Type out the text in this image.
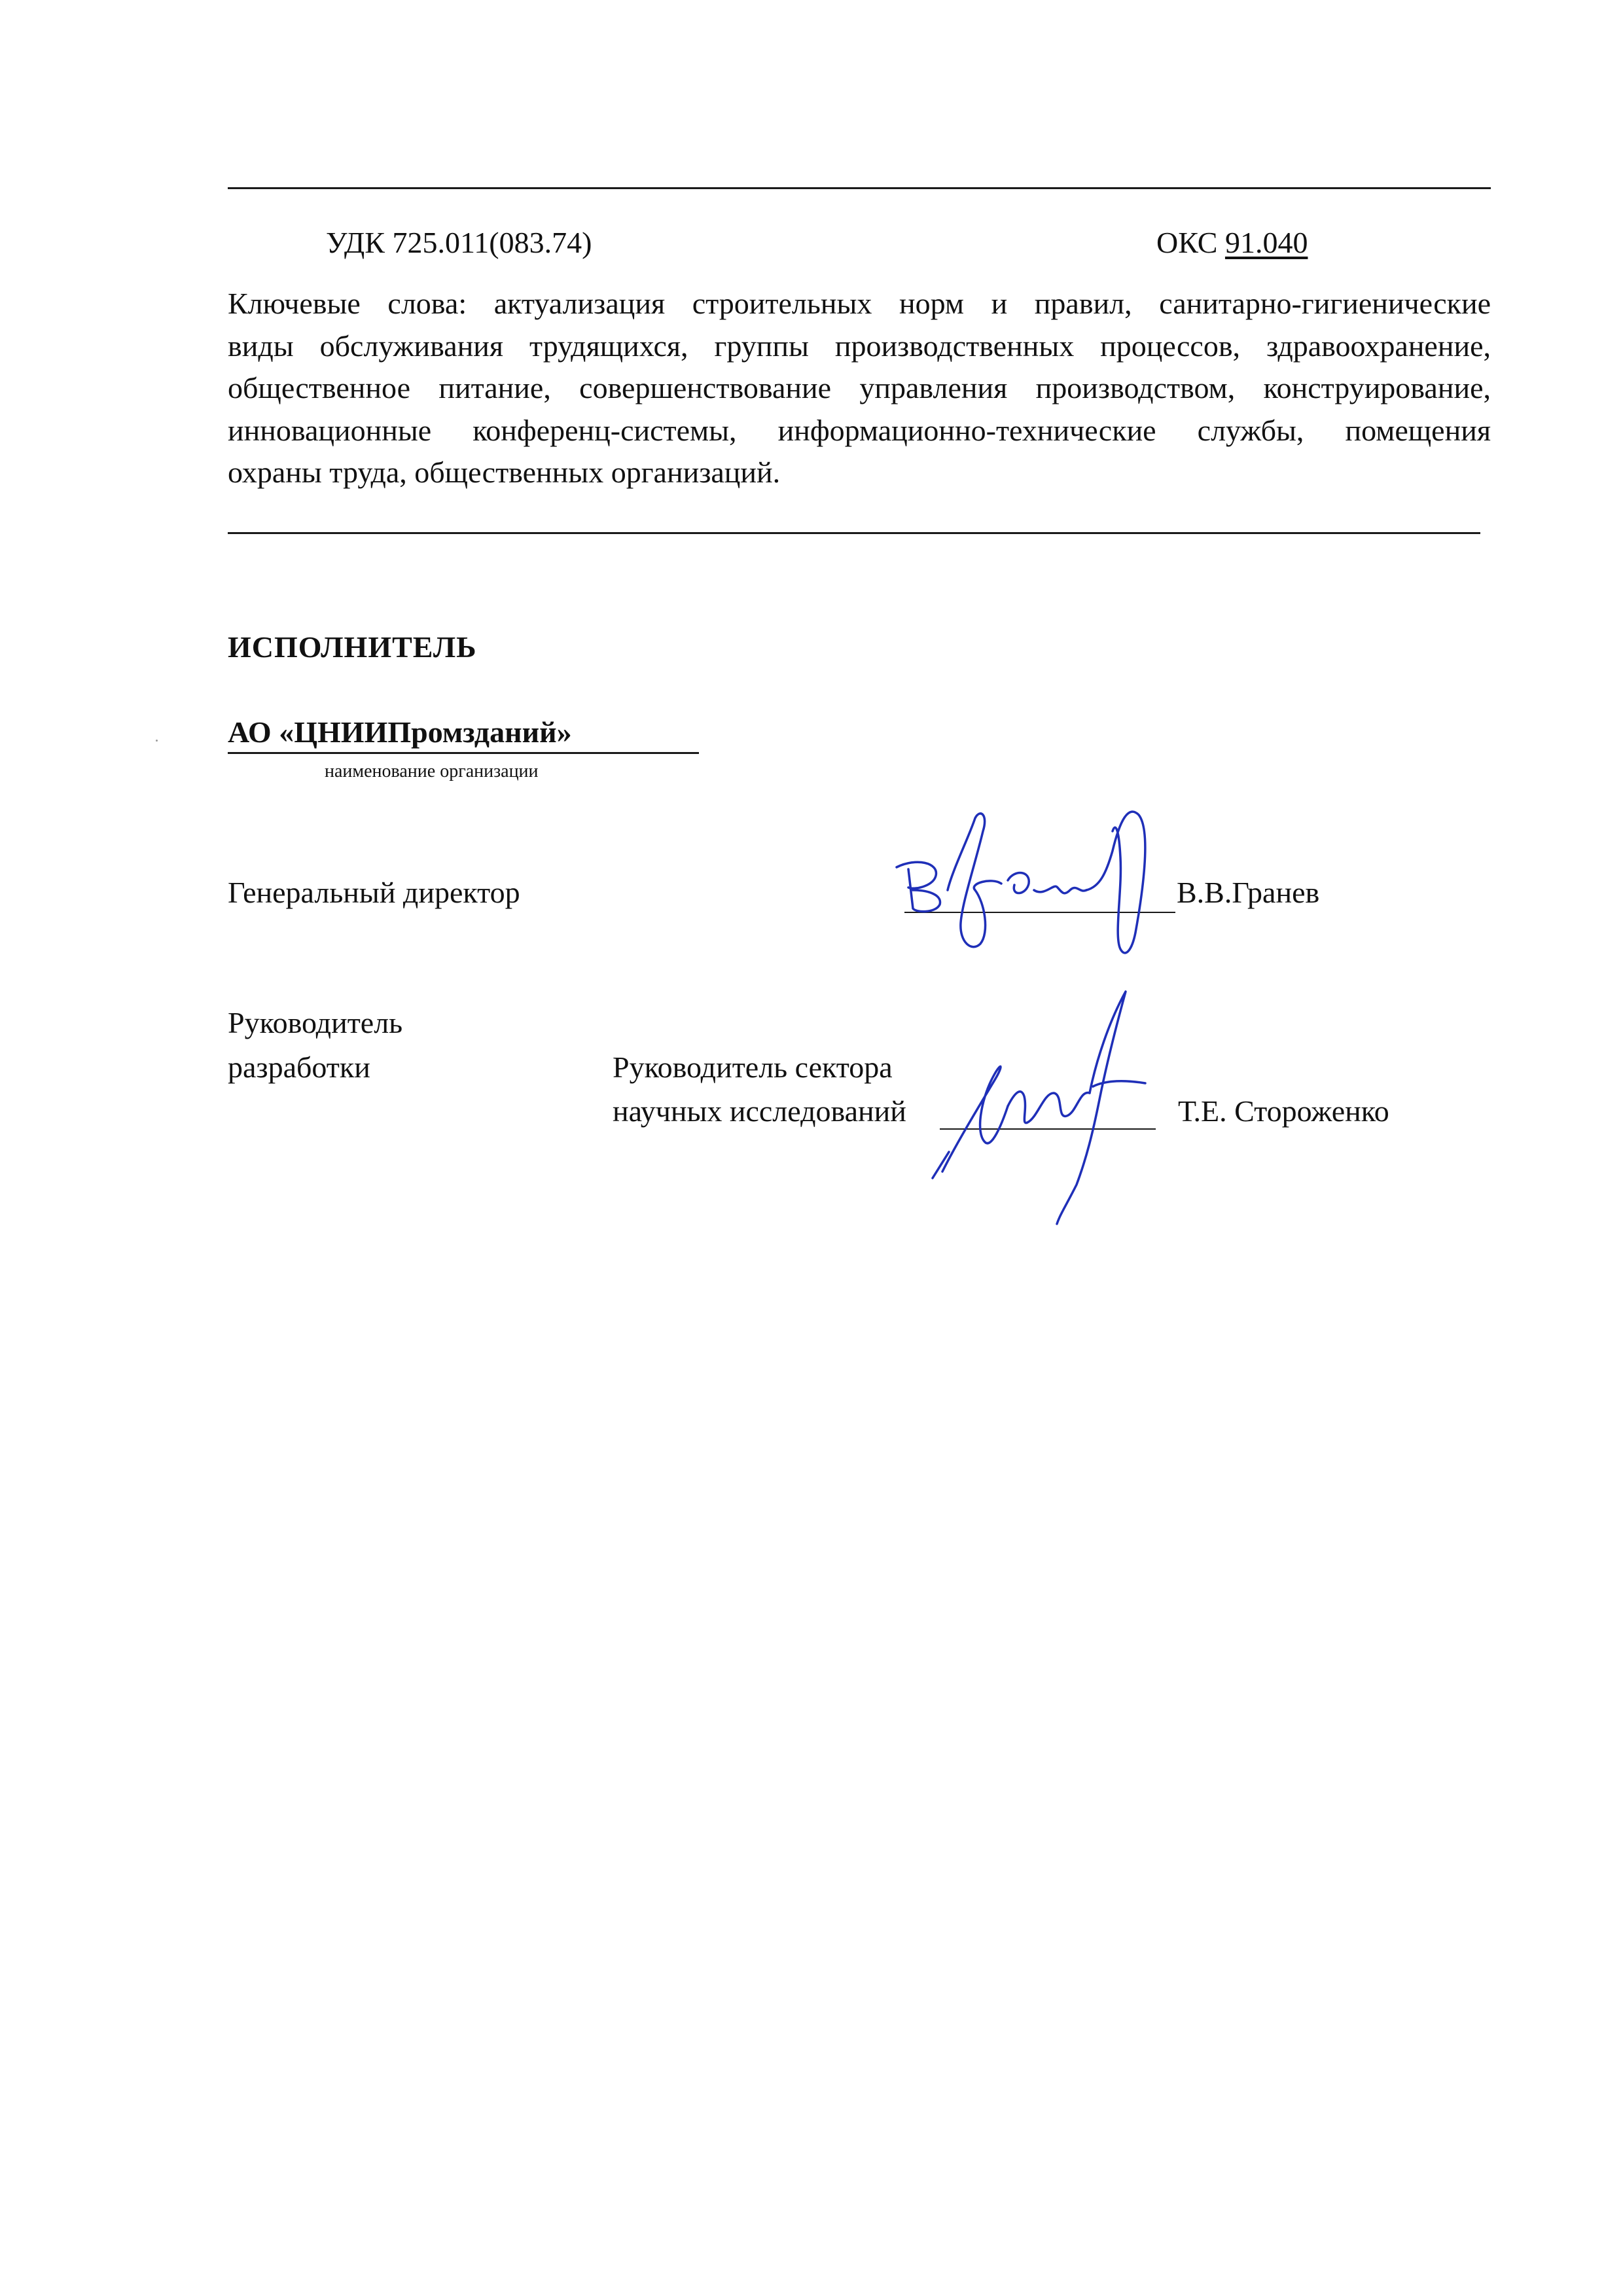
УДК 725.011(083.74)	ОКС 91.040
Ключевые слова: актуализация строительных норм и правил, санитарно-гигиенические
виды обслуживания трудящихся, группы производственных процессов, здравоохранение,
общественное питание, совершенствование управления производством, конструирование,
инновационные конференц-системы, информационно-технические службы, помещения
охраны труда, общественных организаций.
ИСПОЛНИТЕЛЬ
АО «ЦНИИПромзданий»
наименование организации
Генеральный директор	В.В.Гранев
Руководитель
разработки	Руководитель сектора
научных исследований	Т.Е. Стороженко
